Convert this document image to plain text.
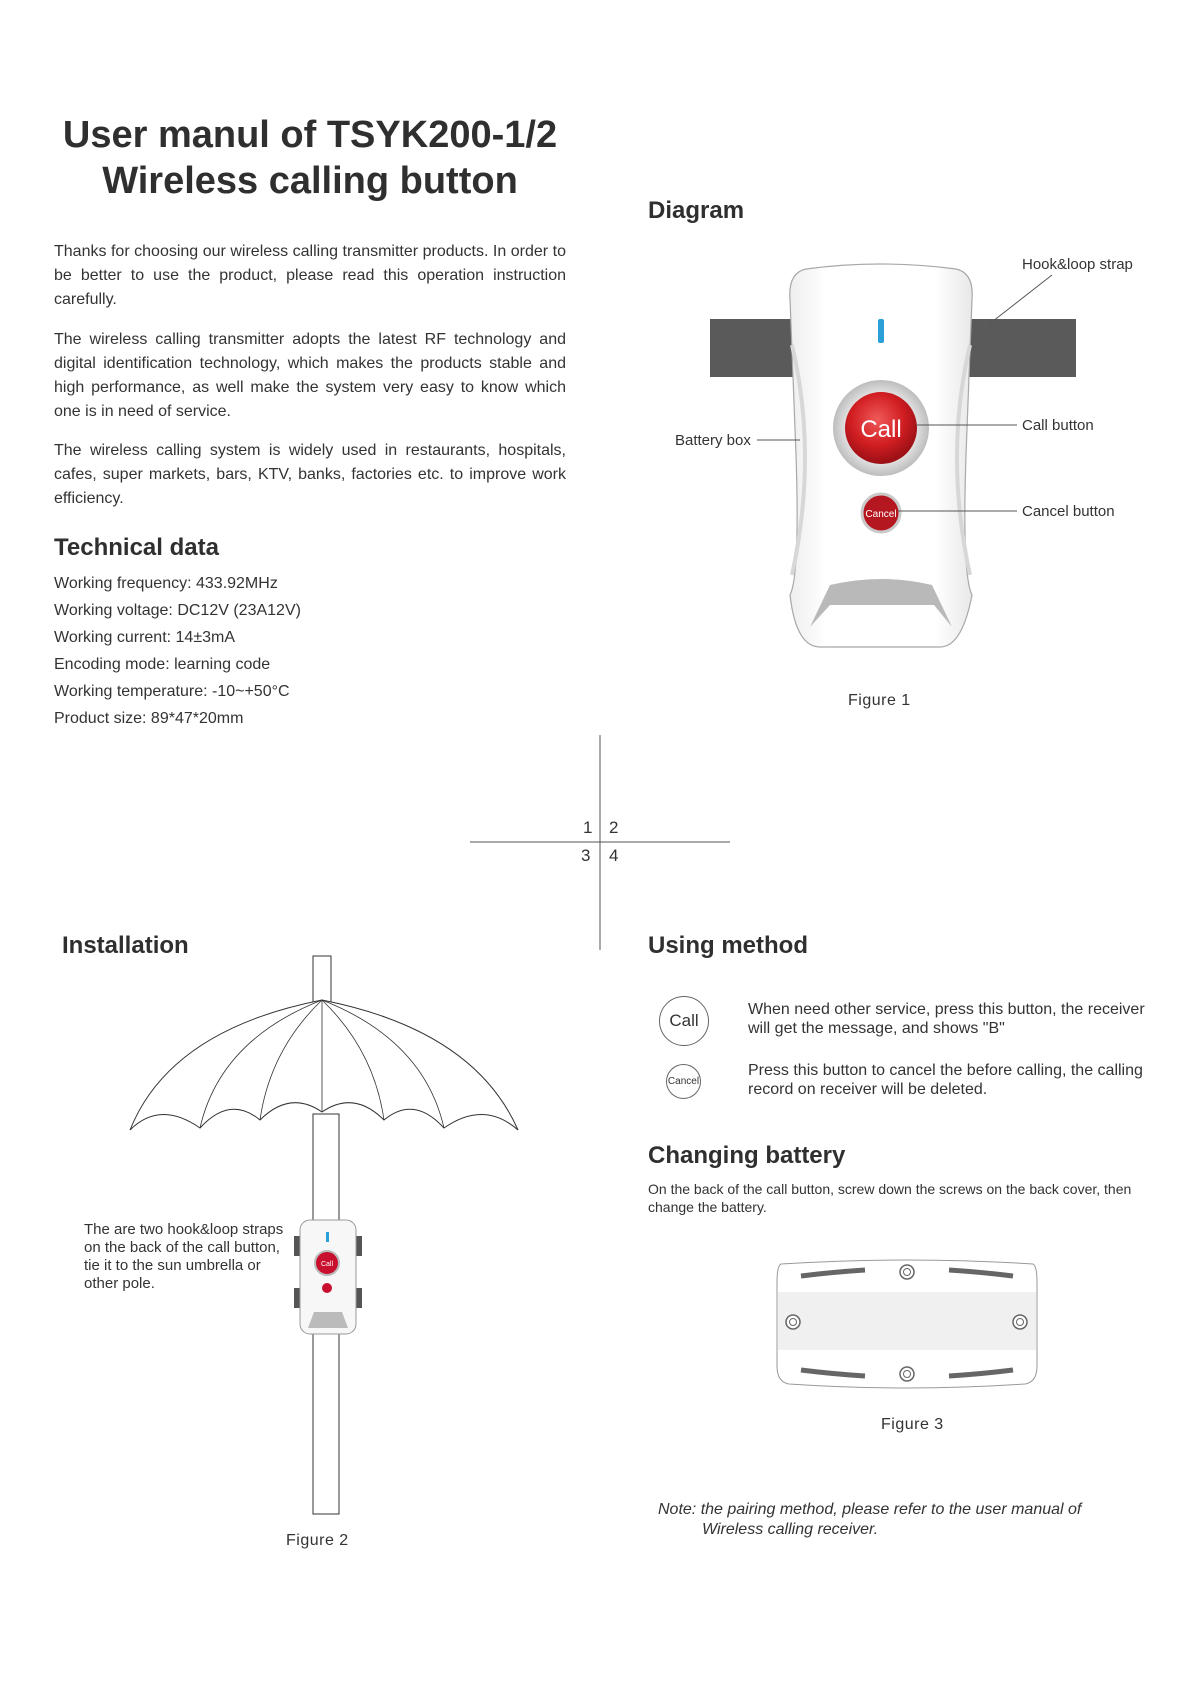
User manul of TSYK200-1/2
Wireless calling button

Thanks for choosing our wireless calling transmitter products. In order to be better to use the product, please read this operation instruction carefully.

The wireless calling transmitter adopts the latest RF technology and digital identification technology, which makes the products stable and high performance, as well make the system very easy to know which one is in need of service.

The wireless calling system is widely used in restaurants, hospitals, cafes, super markets, bars, KTV, banks, factories etc. to improve work efficiency.

Technical data
Working frequency: 433.92MHz
Working voltage: DC12V (23A12V)
Working current: 14±3mA
Encoding mode: learning code
Working temperature: -10~+50°C
Product size: 89*47*20mm
Diagram
Call
Cancel
Hook&loop strap
Battery box
Call button
Cancel button
Figure 1
1 2
3 4
Installation
Call
The are two hook&loop straps on the back of the call button, tie it to the sun umbrella or other pole.
Figure 2
Using method
Call
When need other service, press this button, the receiver will get the message, and shows "B"
Cancel
Press this button to cancel the before calling, the calling record on receiver will be deleted.
Changing battery
On the back of the call button, screw down the screws on the back cover, then change the battery.
Figure 3
Note: the pairing method, please refer to the user manual of
Wireless calling receiver.
